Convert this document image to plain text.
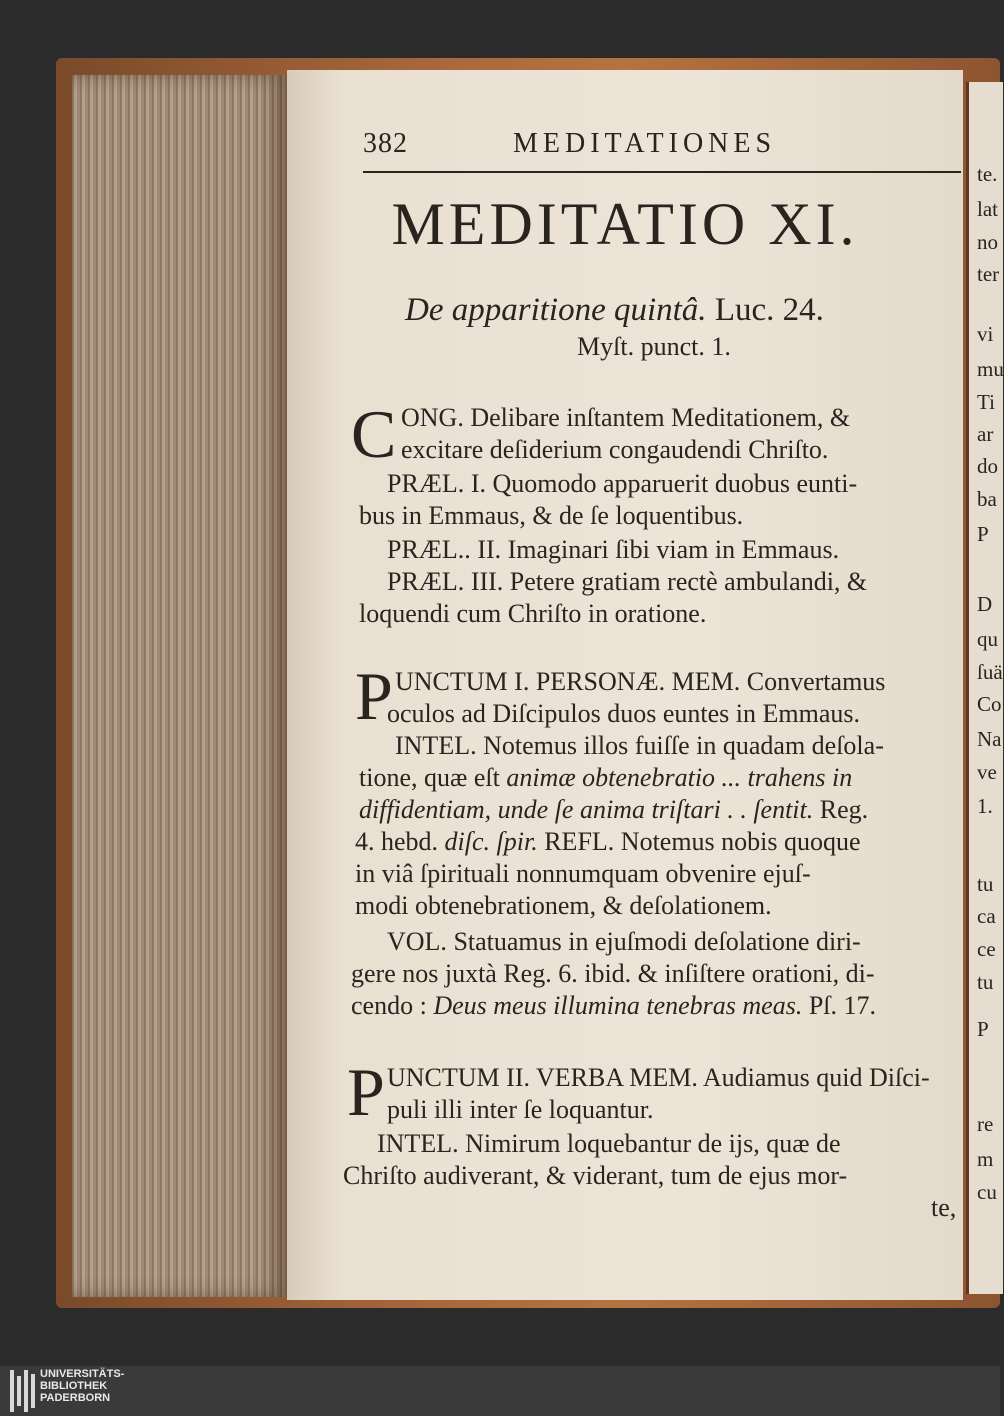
382	MEDITATIONES
MEDITATIO XI.
De apparitione quintâ. Luc. 24.
Myſt. punct. 1.
C ONG. Delibare inſtantem Meditationem, &
excitare deſiderium congaudendi Chriſto.
PRÆL. I. Quomodo apparuerit duobus eunti-
bus in Emmaus, & de ſe loquentibus.
PRÆL.. II. Imaginari ſibi viam in Emmaus.
PRÆL. III. Petere gratiam rectè ambulandi, &
loquendi cum Chriſto in oratione.
P UNCTUM I. PERSONÆ. MEM. Convertamus
oculos ad Diſcipulos duos euntes in Emmaus.
INTEL. Notemus illos fuiſſe in quadam deſola-
tione, quæ eſt animæ obtenebratio ... trahens in
diffidentiam, unde ſe anima triſtari . . ſentit. Reg.
4. hebd. diſc. ſpir. REFL. Notemus nobis quoque
in viâ ſpirituali nonnumquam obvenire ejuſ-
modi obtenebrationem, & deſolationem.
VOL. Statuamus in ejuſmodi deſolatione diri-
gere nos juxtà Reg. 6. ibid. & inſiſtere orationi, di-
cendo : Deus meus illumina tenebras meas. Pſ. 17.
P UNCTUM II. VERBA MEM. Audiamus quid Diſci-
puli illi inter ſe loquantur.
INTEL. Nimirum loquebantur de ijs, quæ de
Chriſto audiverant, & viderant, tum de ejus mor-
te,
te.
lat
no
ter
vi
mu
Ti
ar
do
ba
P
D
qu
ſuä
Co
Na
ve
1.
tu
ca
ce
tu
P
re
m
cu
UNIVERSITÄTS-
BIBLIOTHEK
PADERBORN
